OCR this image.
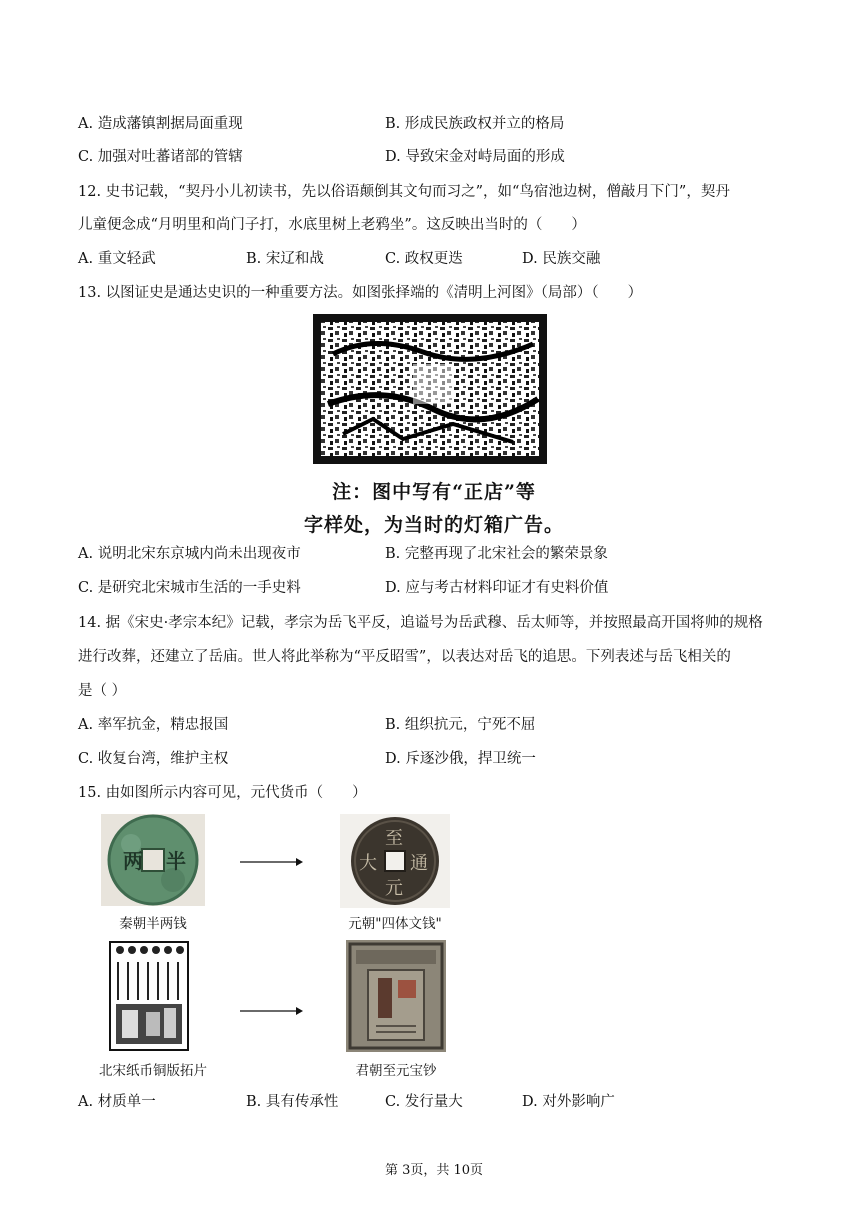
A. 造成藩镇割据局面重现	B. 形成民族政权并立的格局
C. 加强对吐蕃诸部的管辖	D. 导致宋金对峙局面的形成
12. 史书记载，“契丹小儿初读书，先以俗语颠倒其文句而习之”，如“鸟宿池边树，僧敲月下门”，契丹
儿童便念成“月明里和尚门子打，水底里树上老鸦坐”。这反映出当时的（　　）
A. 重文轻武	B. 宋辽和战	C. 政权更迭	D. 民族交融
13. 以图证史是通达史识的一种重要方法。如图张择端的《清明上河图》（局部）（　　）
注：图中写有“正店”等
字样处，为当时的灯箱广告。
A. 说明北宋东京城内尚未出现夜市	B. 完整再现了北宋社会的繁荣景象
C. 是研究北宋城市生活的一手史料	D. 应与考古材料印证才有史料价值
14. 据《宋史·孝宗本纪》记载，孝宗为岳飞平反，追谥号为岳武穆、岳太师等，并按照最高开国将帅的规格
进行改葬，还建立了岳庙。世人将此举称为“平反昭雪”，以表达对岳飞的追思。下列表述与岳飞相关的
是（ ）
A. 率军抗金，精忠报国	B. 组织抗元，宁死不屈
C. 收复台湾，维护主权	D. 斥逐沙俄，捍卫统一
15. 由如图所示内容可见，元代货币（　　）
两 半
秦朝半两钱
至
大 通
元
元朝"四体文钱"
北宋纸币铜版拓片	君朝至元宝钞
A. 材质单一	B. 具有传承性	C. 发行量大	D. 对外影响广
第 3页，共 10页
